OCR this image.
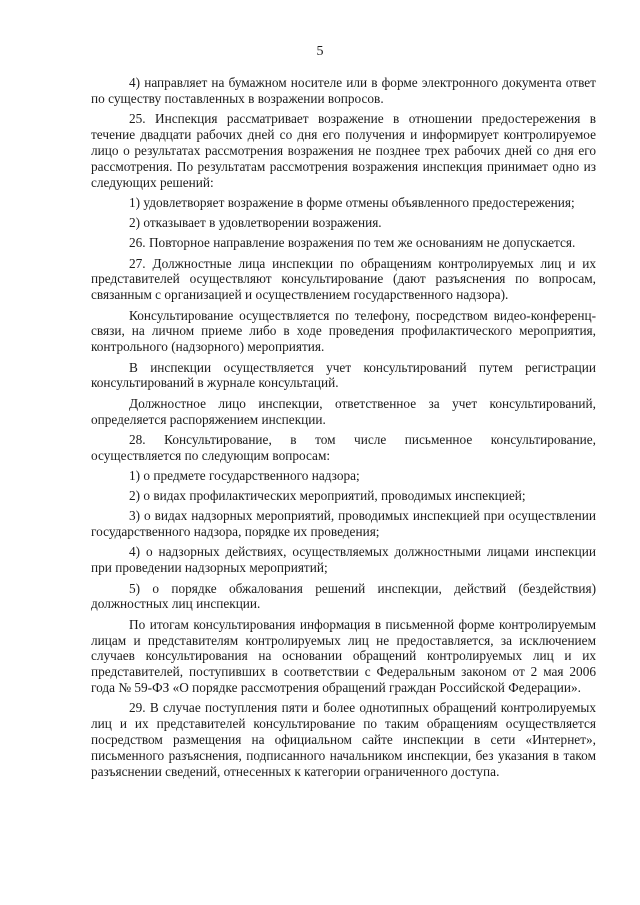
5

4) направляет на бумажном носителе или в форме электронного документа ответ по существу поставленных в возражении вопросов.

25. Инспекция рассматривает возражение в отношении предостережения в течение двадцати рабочих дней со дня его получения и информирует контролируемое лицо о результатах рассмотрения возражения не позднее трех рабочих дней со дня его рассмотрения. По результатам рассмотрения возражения инспекция принимает одно из следующих решений:

1) удовлетворяет возражение в форме отмены объявленного предостережения;

2) отказывает в удовлетворении возражения.

26. Повторное направление возражения по тем же основаниям не допускается.

27. Должностные лица инспекции по обращениям контролируемых лиц и их представителей осуществляют консультирование (дают разъяснения по вопросам, связанным с организацией и осуществлением государственного надзора).

Консультирование осуществляется по телефону, посредством видео-конференц-связи, на личном приеме либо в ходе проведения профилактического мероприятия, контрольного (надзорного) мероприятия.

В инспекции осуществляется учет консультирований путем регистрации консультирований в журнале консультаций.

Должностное лицо инспекции, ответственное за учет консультирований, определяется распоряжением инспекции.

28. Консультирование, в том числе письменное консультирование, осуществляется по следующим вопросам:

1) о предмете государственного надзора;

2) о видах профилактических мероприятий, проводимых инспекцией;

3) о видах надзорных мероприятий, проводимых инспекцией при осуществлении государственного надзора, порядке их проведения;

4) о надзорных действиях, осуществляемых должностными лицами инспекции при проведении надзорных мероприятий;

5) о порядке обжалования решений инспекции, действий (бездействия) должностных лиц инспекции.

По итогам консультирования информация в письменной форме контролируемым лицам и представителям контролируемых лиц не предоставляется, за исключением случаев консультирования на основании обращений контролируемых лиц и их представителей, поступивших в соответствии с Федеральным законом от 2 мая 2006 года № 59-ФЗ «О порядке рассмотрения обращений граждан Российской Федерации».

29. В случае поступления пяти и более однотипных обращений контролируемых лиц и их представителей консультирование по таким обращениям осуществляется посредством размещения на официальном сайте инспекции в сети «Интернет», письменного разъяснения, подписанного начальником инспекции, без указания в таком разъяснении сведений, отнесенных к категории ограниченного доступа.
